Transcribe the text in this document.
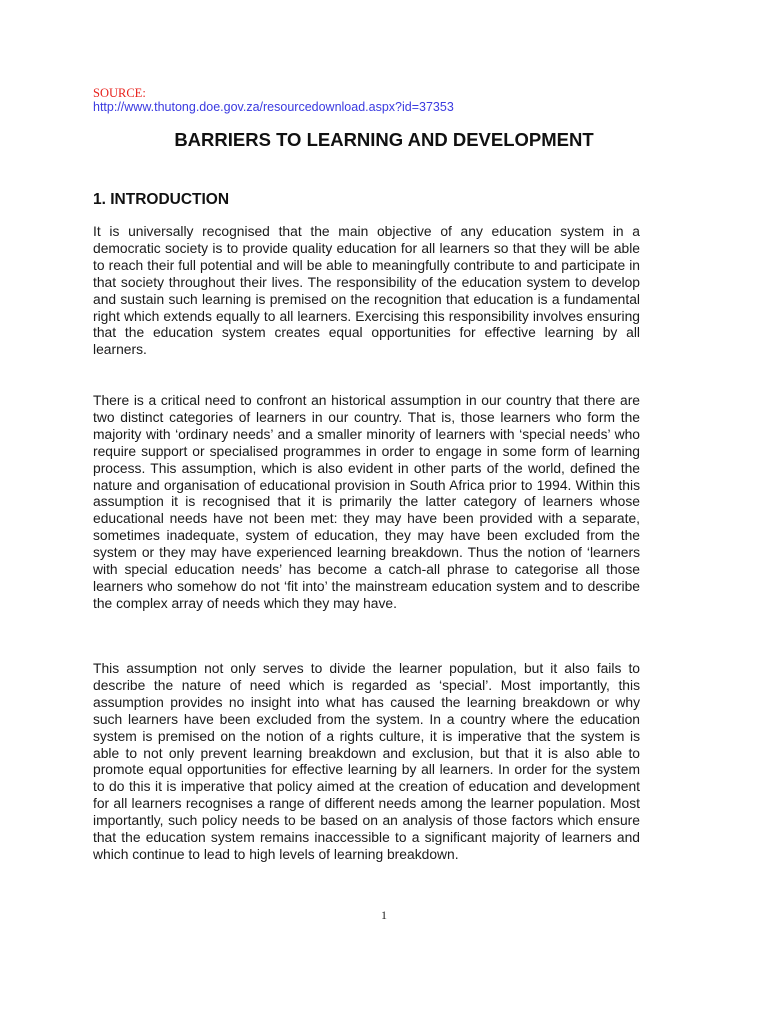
SOURCE:
http://www.thutong.doe.gov.za/resourcedownload.aspx?id=37353
BARRIERS TO LEARNING AND DEVELOPMENT
1. INTRODUCTION

It is universally recognised that the main objective of any education system in a democratic society is to provide quality education for all learners so that they will be able to reach their full potential and will be able to meaningfully contribute to and participate in that society throughout their lives. The responsibility of the education system to develop and sustain such learning is premised on the recognition that education is a fundamental right which extends equally to all learners. Exercising this responsibility involves ensuring that the education system creates equal opportunities for effective learning by all learners.

There is a critical need to confront an historical assumption in our country that there are two distinct categories of learners in our country. That is, those learners who form the majority with ‘ordinary needs’ and a smaller minority of learners with ‘special needs’ who require support or specialised programmes in order to engage in some form of learning process. This assumption, which is also evident in other parts of the world, defined the nature and organisation of educational provision in South Africa prior to 1994. Within this assumption it is recognised that it is primarily the latter category of learners whose educational needs have not been met: they may have been provided with a separate, sometimes inadequate, system of education, they may have been excluded from the system or they may have experienced learning breakdown. Thus the notion of ‘learners with special education needs’ has become a catch-all phrase to categorise all those learners who somehow do not ‘fit into’ the mainstream education system and to describe the complex array of needs which they may have.

This assumption not only serves to divide the learner population, but it also fails to describe the nature of need which is regarded as ‘special’. Most importantly, this assumption provides no insight into what has caused the learning breakdown or why such learners have been excluded from the system. In a country where the education system is premised on the notion of a rights culture, it is imperative that the system is able to not only prevent learning breakdown and exclusion, but that it is also able to promote equal opportunities for effective learning by all learners. In order for the system to do this it is imperative that policy aimed at the creation of education and development for all learners recognises a range of different needs among the learner population. Most importantly, such policy needs to be based on an analysis of those factors which ensure that the education system remains inaccessible to a significant majority of learners and which continue to lead to high levels of learning breakdown.

1
